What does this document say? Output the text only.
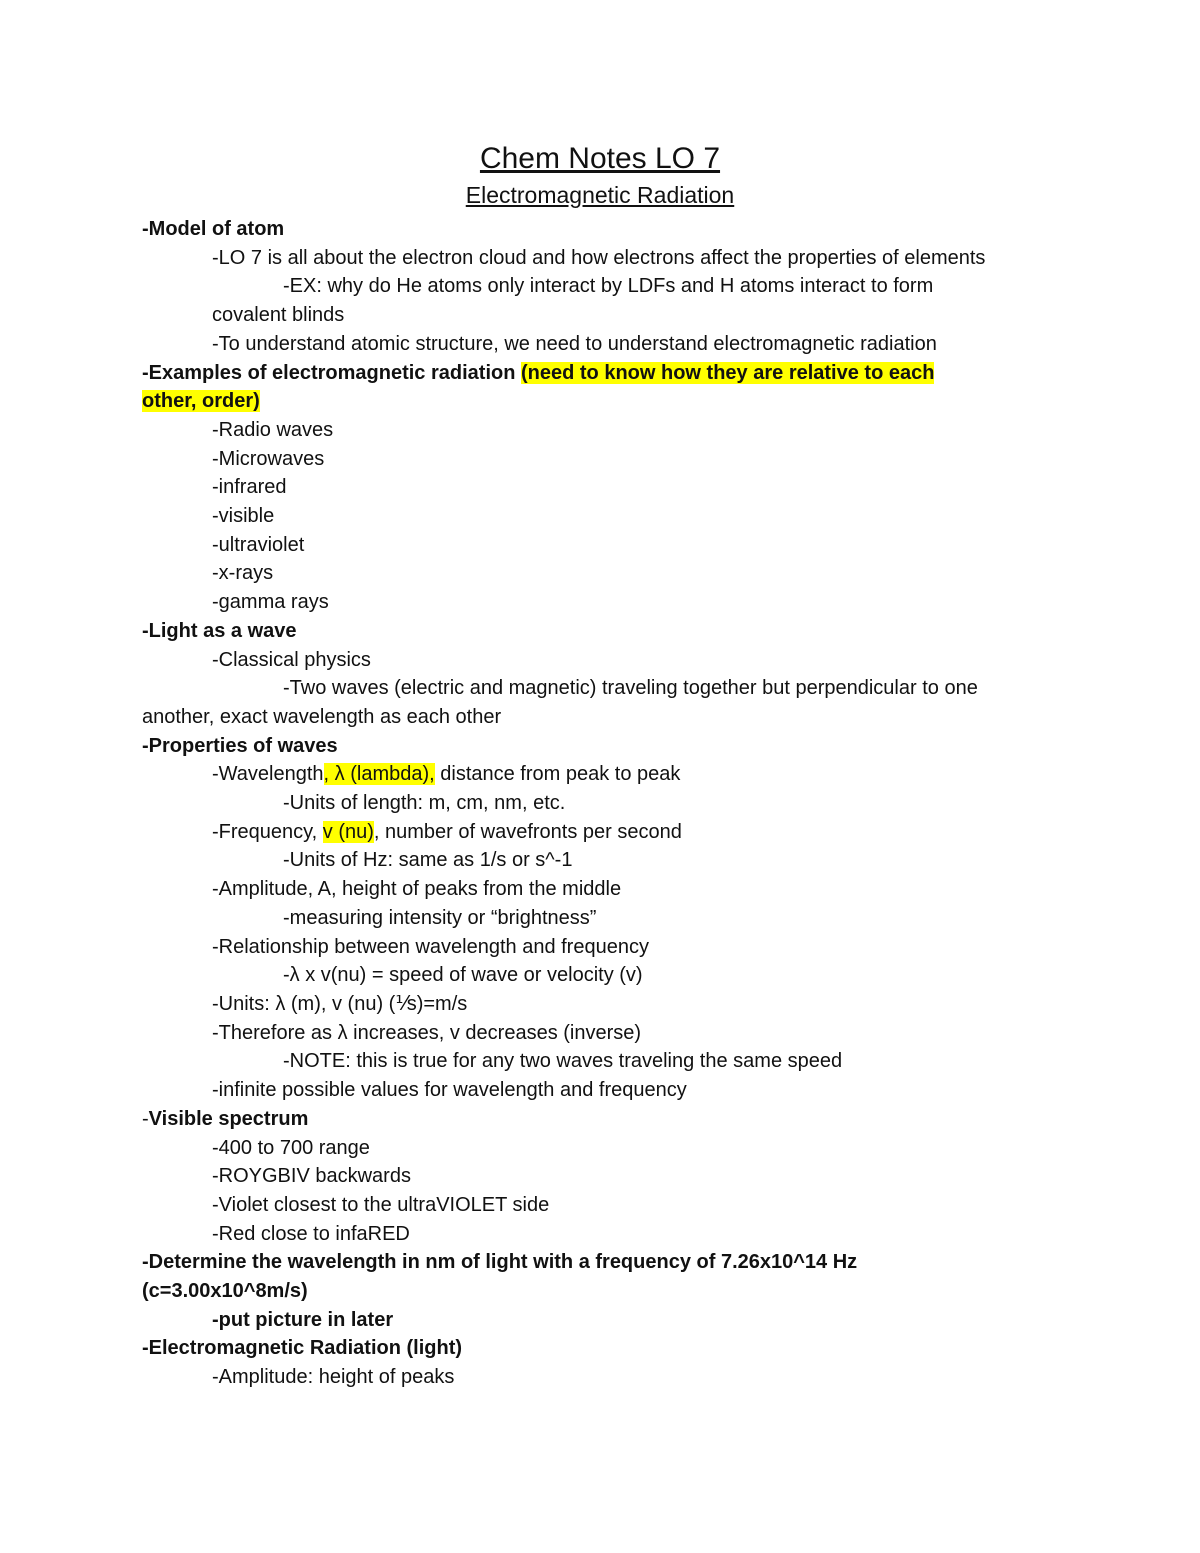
Chem Notes LO 7
Electromagnetic Radiation
-Model of atom
-LO 7 is all about the electron cloud and how electrons affect the properties of elements
-EX: why do He atoms only interact by LDFs and H atoms interact to form
covalent blinds
-To understand atomic structure, we need to understand electromagnetic radiation
-Examples of electromagnetic radiation (need to know how they are relative to each
other, order)
-Radio waves
-Microwaves
-infrared
-visible
-ultraviolet
-x-rays
-gamma rays
-Light as a wave
-Classical physics
-Two waves (electric and magnetic) traveling together but perpendicular to one
another, exact wavelength as each other
-Properties of waves
-Wavelength, λ (lambda), distance from peak to peak
-Units of length: m, cm, nm, etc.
-Frequency, v (nu), number of wavefronts per second
-Units of Hz: same as 1/s or s^-1
-Amplitude, A, height of peaks from the middle
-measuring intensity or “brightness”
-Relationship between wavelength and frequency
-λ x v(nu) = speed of wave or velocity (v)
-Units: λ (m), v (nu) (⅟s)=m/s
-Therefore as λ increases, v decreases (inverse)
-NOTE: this is true for any two waves traveling the same speed
-infinite possible values for wavelength and frequency
-Visible spectrum
-400 to 700 range
-ROYGBIV backwards
-Violet closest to the ultraVIOLET side
-Red close to infaRED
-Determine the wavelength in nm of light with a frequency of 7.26x10^14 Hz
(c=3.00x10^8m/s)
-put picture in later
-Electromagnetic Radiation (light)
-Amplitude: height of peaks
